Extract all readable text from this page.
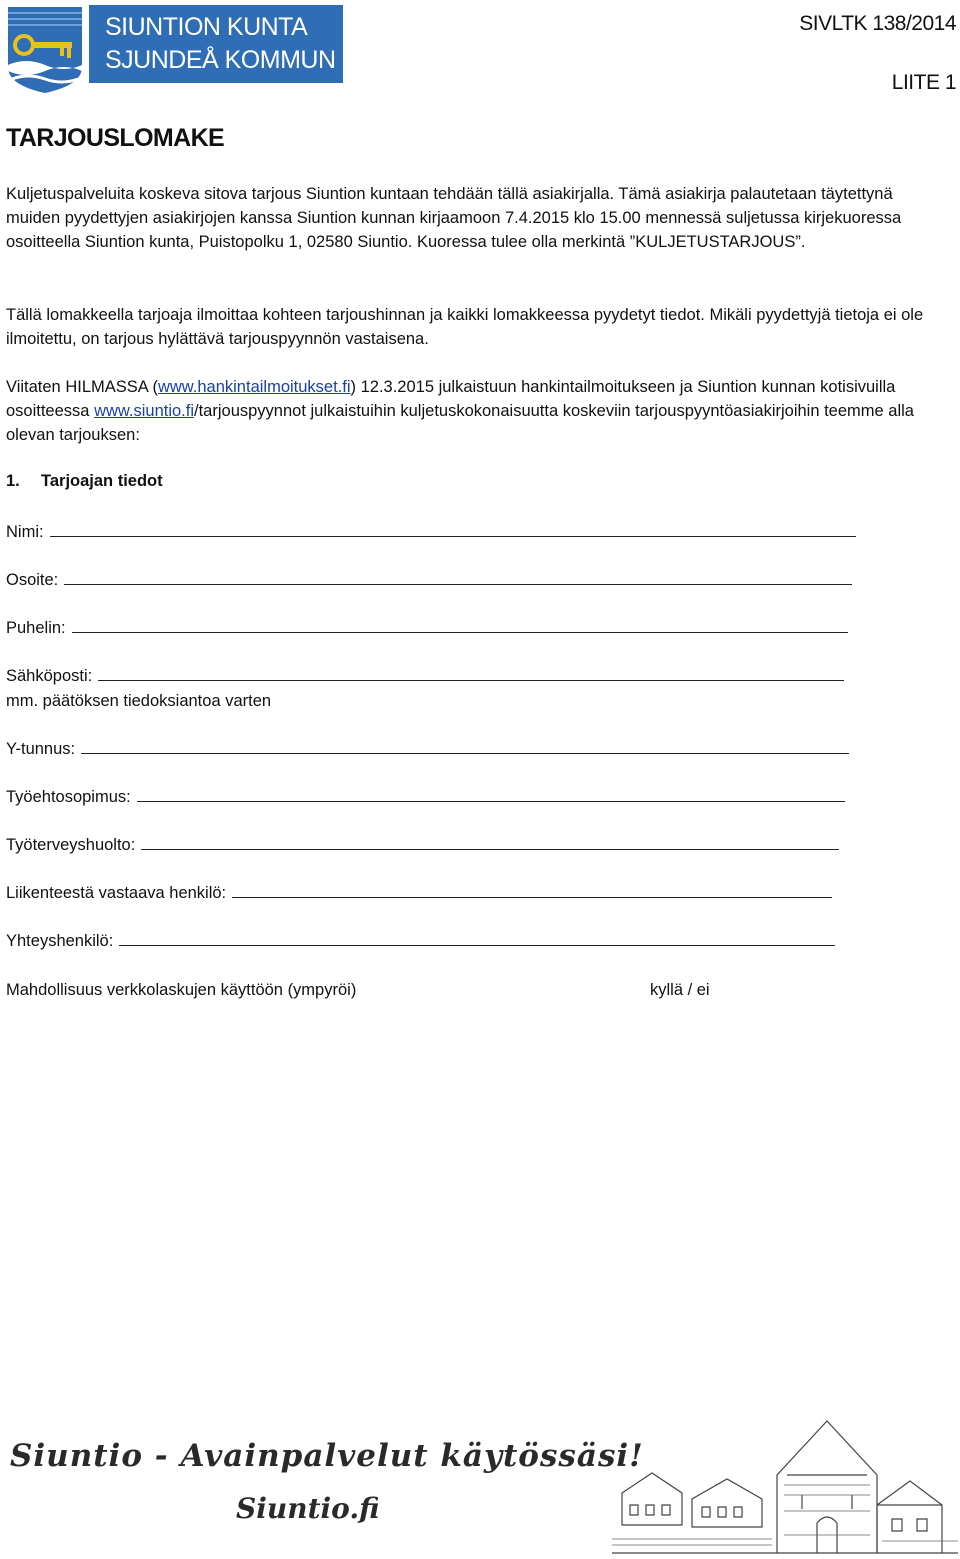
SIUNTION KUNTA
SJUNDEÅ KOMMUN
SIVLTK 138/2014
LIITE 1
TARJOUSLOMAKE

Kuljetuspalveluita koskeva sitova tarjous Siuntion kuntaan tehdään tällä asiakirjalla. Tämä asiakirja palautetaan täytettynä muiden pyydettyjen asiakirjojen kanssa Siuntion kunnan kirjaamoon 7.4.2015 klo 15.00 mennessä suljetussa kirjekuoressa osoitteella Siuntion kunta, Puistopolku 1, 02580 Siuntio. Kuoressa tulee olla merkintä ”KULJETUSTARJOUS”.

Tällä lomakkeella tarjoaja ilmoittaa kohteen tarjoushinnan ja kaikki lomakkeessa pyydetyt tiedot. Mikäli pyydettyjä tietoja ei ole ilmoitettu, on tarjous hylättävä tarjouspyynnön vastaisena.

Viitaten HILMASSA (www.hankintailmoitukset.fi) 12.3.2015 julkaistuun hankintailmoitukseen ja Siuntion kunnan kotisivuilla osoitteessa www.siuntio.fi/tarjouspyynnot julkaistuihin kuljetuskokonaisuutta koskeviin tarjouspyyntöasiakirjoihin teemme alla olevan tarjouksen:

1. Tarjoajan tiedot
Nimi:
Osoite:
Puhelin:
Sähköposti:
mm. päätöksen tiedoksiantoa varten
Y-tunnus:
Työehtosopimus:
Työterveyshuolto:
Liikenteestä vastaava henkilö:
Yhteyshenkilö:
Mahdollisuus verkkolaskujen käyttöön (ympyröi)	kyllä / ei
Siuntio - Avainpalvelut käytössäsi!
Siuntio.fi
